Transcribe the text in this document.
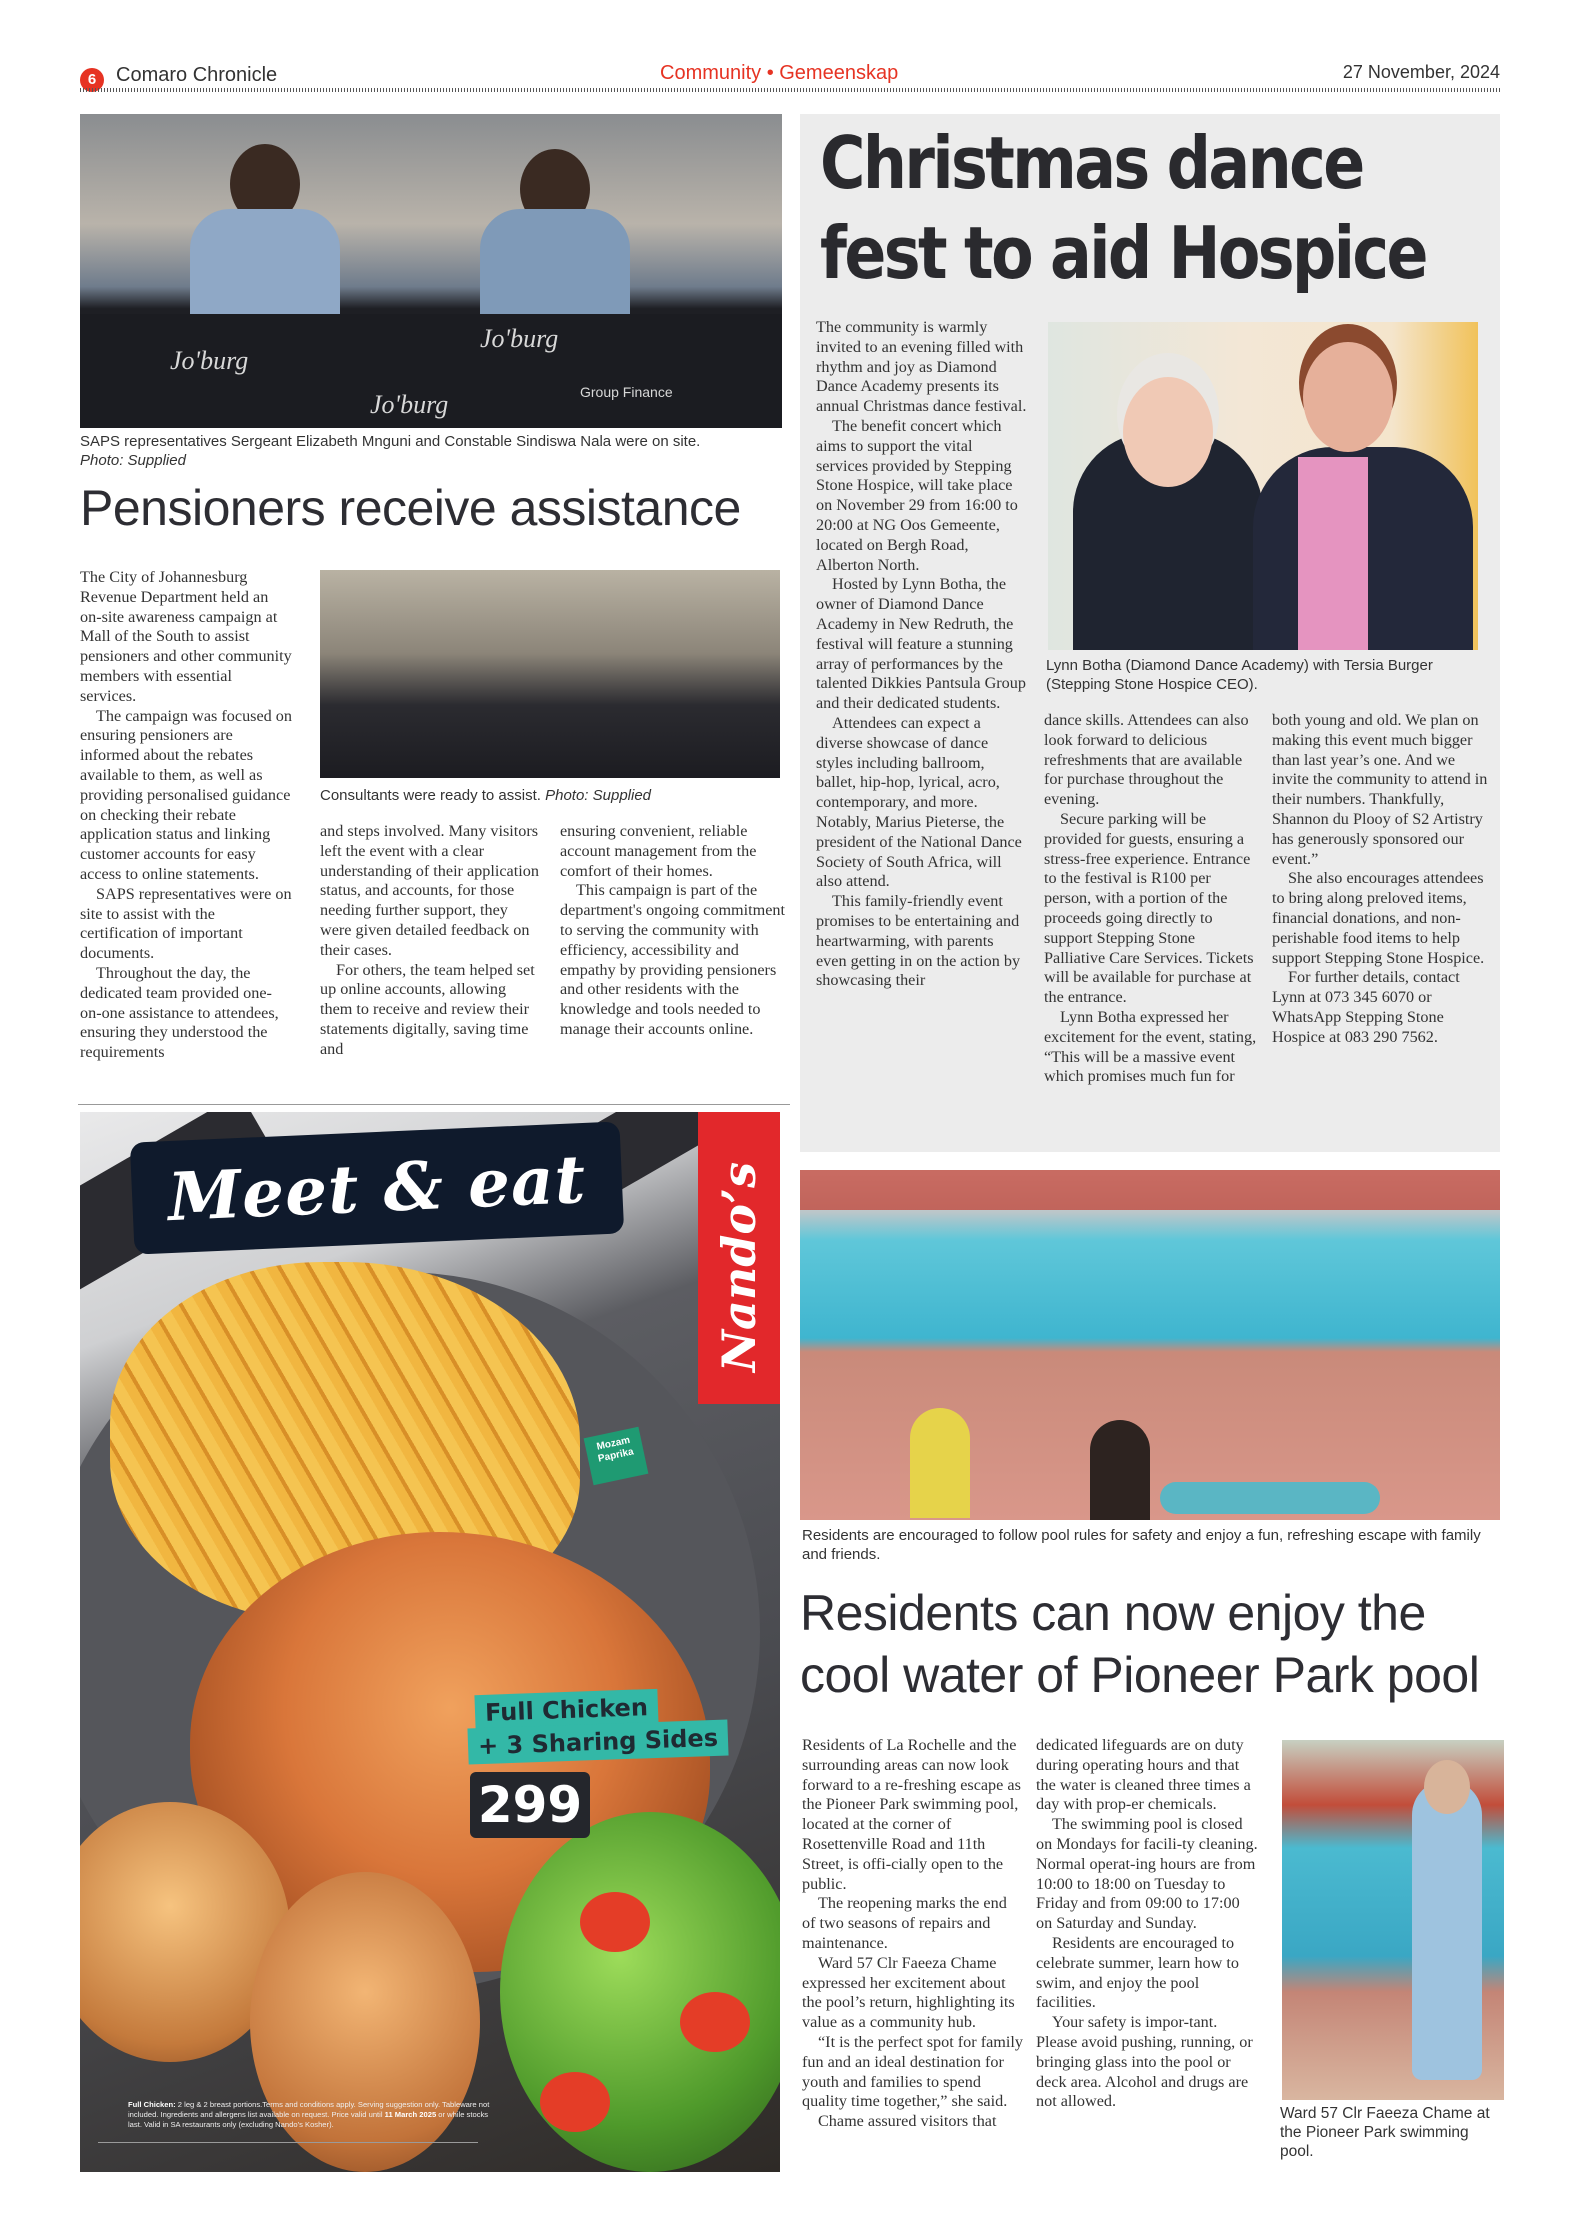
6 Comaro Chronicle	Community • Gemeenskap	27 November, 2024
Jo'burg
Jo'burg
Jo'burg
Group Finance
SAPS representatives Sergeant Elizabeth Mnguni and Constable Sindiswa Nala were on site.
Photo: Supplied
Pensioners receive assistance

The City of Johannesburg Revenue Department held an on-site awareness campaign at Mall of the South to assist pensioners and other community members with essential services.

The campaign was focused on ensuring pensioners are informed about the rebates available to them, as well as providing personalised guidance on checking their rebate application status and linking customer accounts for easy access to online statements.

SAPS representatives were on site to assist with the certification of important documents.

Throughout the day, the dedicated team provided one-on-one assistance to attendees, ensuring they understood the requirements

Consultants were ready to assist. Photo: Supplied

and steps involved. Many visitors left the event with a clear understanding of their application status, and accounts, for those needing further support, they were given detailed feedback on their cases.

For others, the team helped set up online accounts, allowing them to receive and review their statements digitally, saving time and

ensuring convenient, reliable account management from the comfort of their homes.

This campaign is part of the department's ongoing commitment to serving the community with efficiency, accessibility and empathy by providing pensioners and other residents with the knowledge and tools needed to manage their accounts online.

Christmas dance
fest to aid Hospice

The community is warmly invited to an evening filled with rhythm and joy as Diamond Dance Academy presents its annual Christmas dance festival.

The benefit concert which aims to support the vital services provided by Stepping Stone Hospice, will take place on November 29 from 16:00 to 20:00 at NG Oos Gemeente, located on Bergh Road, Alberton North.

Hosted by Lynn Botha, the owner of Diamond Dance Academy in New Redruth, the festival will feature a stunning array of performances by the talented Dikkies Pantsula Group and their dedicated students.

Attendees can expect a diverse showcase of dance styles including ballroom, ballet, hip-hop, lyrical, acro, contemporary, and more. Notably, Marius Pieterse, the president of the National Dance Society of South Africa, will also attend.

This family-friendly event promises to be entertaining and heartwarming, with parents even getting in on the action by showcasing their

Lynn Botha (Diamond Dance Academy) with Tersia Burger (Stepping Stone Hospice CEO).

dance skills. Attendees can also look forward to delicious refreshments that are available for purchase throughout the evening.

Secure parking will be provided for guests, ensuring a stress-free experience. Entrance to the festival is R100 per person, with a portion of the proceeds going directly to support Stepping Stone Palliative Care Services. Tickets will be available for purchase at the entrance.

Lynn Botha expressed her excitement for the event, stating, “This will be a massive event which promises much fun for

both young and old. We plan on making this event much bigger than last year’s one. And we invite the community to attend in their numbers. Thankfully, Shannon du Plooy of S2 Artistry has generously sponsored our event.”

She also encourages attendees to bring along preloved items, financial donations, and non-perishable food items to help support Stepping Stone Hospice.

For further details, contact Lynn at 073 345 6070 or WhatsApp Stepping Stone Hospice at 083 290 7562.

Nando’s
Meet & eat
Mozam Paprika
Full Chicken
+ 3 Sharing Sides
299
Full Chicken: 2 leg & 2 breast portions.Terms and conditions apply. Serving suggestion only. Tableware not included. Ingredients and allergens list available on request. Price valid until 11 March 2025 or while stocks last. Valid in SA restaurants only (excluding Nando’s Kosher).
Residents are encouraged to follow pool rules for safety and enjoy a fun, refreshing escape with family and friends.
Residents can now enjoy the
cool water of Pioneer Park pool

Residents of La Rochelle and the surrounding areas can now look forward to a re-freshing escape as the Pioneer Park swimming pool, located at the corner of Rosettenville Road and 11th Street, is offi-cially open to the public.

The reopening marks the end of two seasons of repairs and maintenance.

Ward 57 Clr Faeeza Chame expressed her excitement about the pool’s return, highlighting its value as a community hub.

“It is the perfect spot for family fun and an ideal destination for youth and families to spend quality time together,” she said.

Chame assured visitors that

dedicated lifeguards are on duty during operating hours and that the water is cleaned three times a day with prop-er chemicals.

The swimming pool is closed on Mondays for facili-ty cleaning. Normal operat-ing hours are from 10:00 to 18:00 on Tuesday to Friday and from 09:00 to 17:00 on Saturday and Sunday.

Residents are encouraged to celebrate summer, learn how to swim, and enjoy the pool facilities.

Your safety is impor-tant. Please avoid pushing, running, or bringing glass into the pool or deck area. Alcohol and drugs are not allowed.

Ward 57 Clr Faeeza Chame at the Pioneer Park swimming pool.
